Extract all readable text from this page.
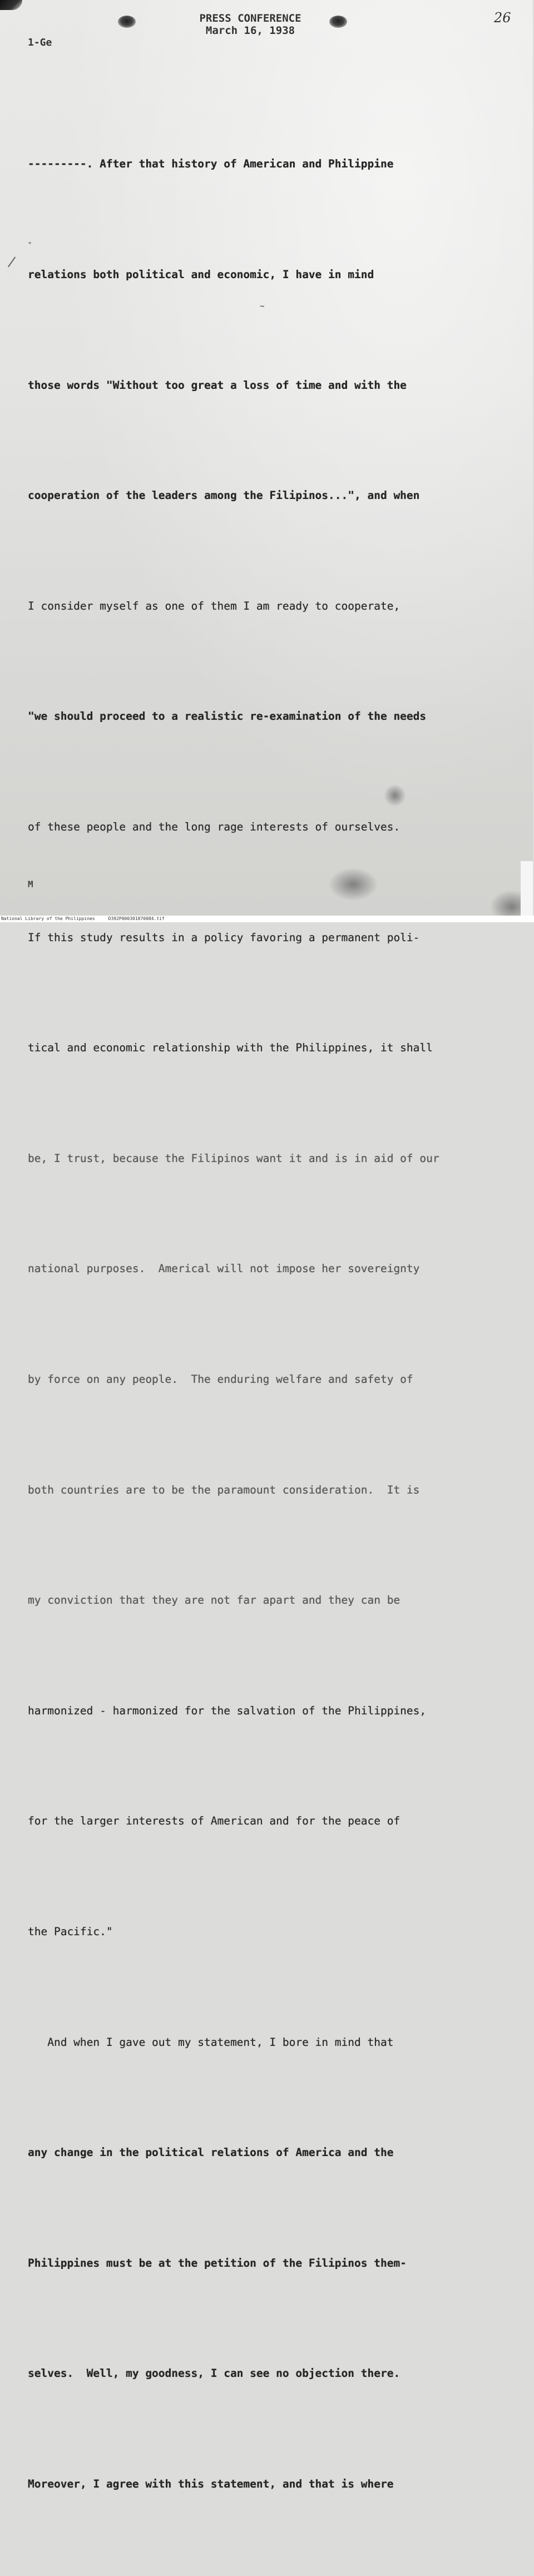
PRESS CONFERENCE
March 16, 1938
1-Ge
26
"
~
M

---------. After that history of American and Philippine

relations both political and economic, I have in mind

those words "Without too great a loss of time and with the

cooperation of the leaders among the Filipinos...", and when

I consider myself as one of them I am ready to cooperate,

"we should proceed to a realistic re-examination of the needs

of these people and the long rage interests of ourselves.

If this study results in a policy favoring a permanent poli-

tical and economic relationship with the Philippines, it shall

be, I trust, because the Filipinos want it and is in aid of our

national purposes.  Americal will not impose her sovereignty

by force on any people.  The enduring welfare and safety of

both countries are to be the paramount consideration.  It is

my conviction that they are not far apart and they can be

harmonized - harmonized for the salvation of the Philippines,

for the larger interests of American and for the peace of

the Pacific."

And when I gave out my statement, I bore in mind that

any change in the political relations of America and the

Philippines must be at the petition of the Filipinos them-

selves.  Well, my goodness, I can see no objection there.

Moreover, I agree with this statement, and that is where

National Library of the Philippines     D392P000301870084.tif
